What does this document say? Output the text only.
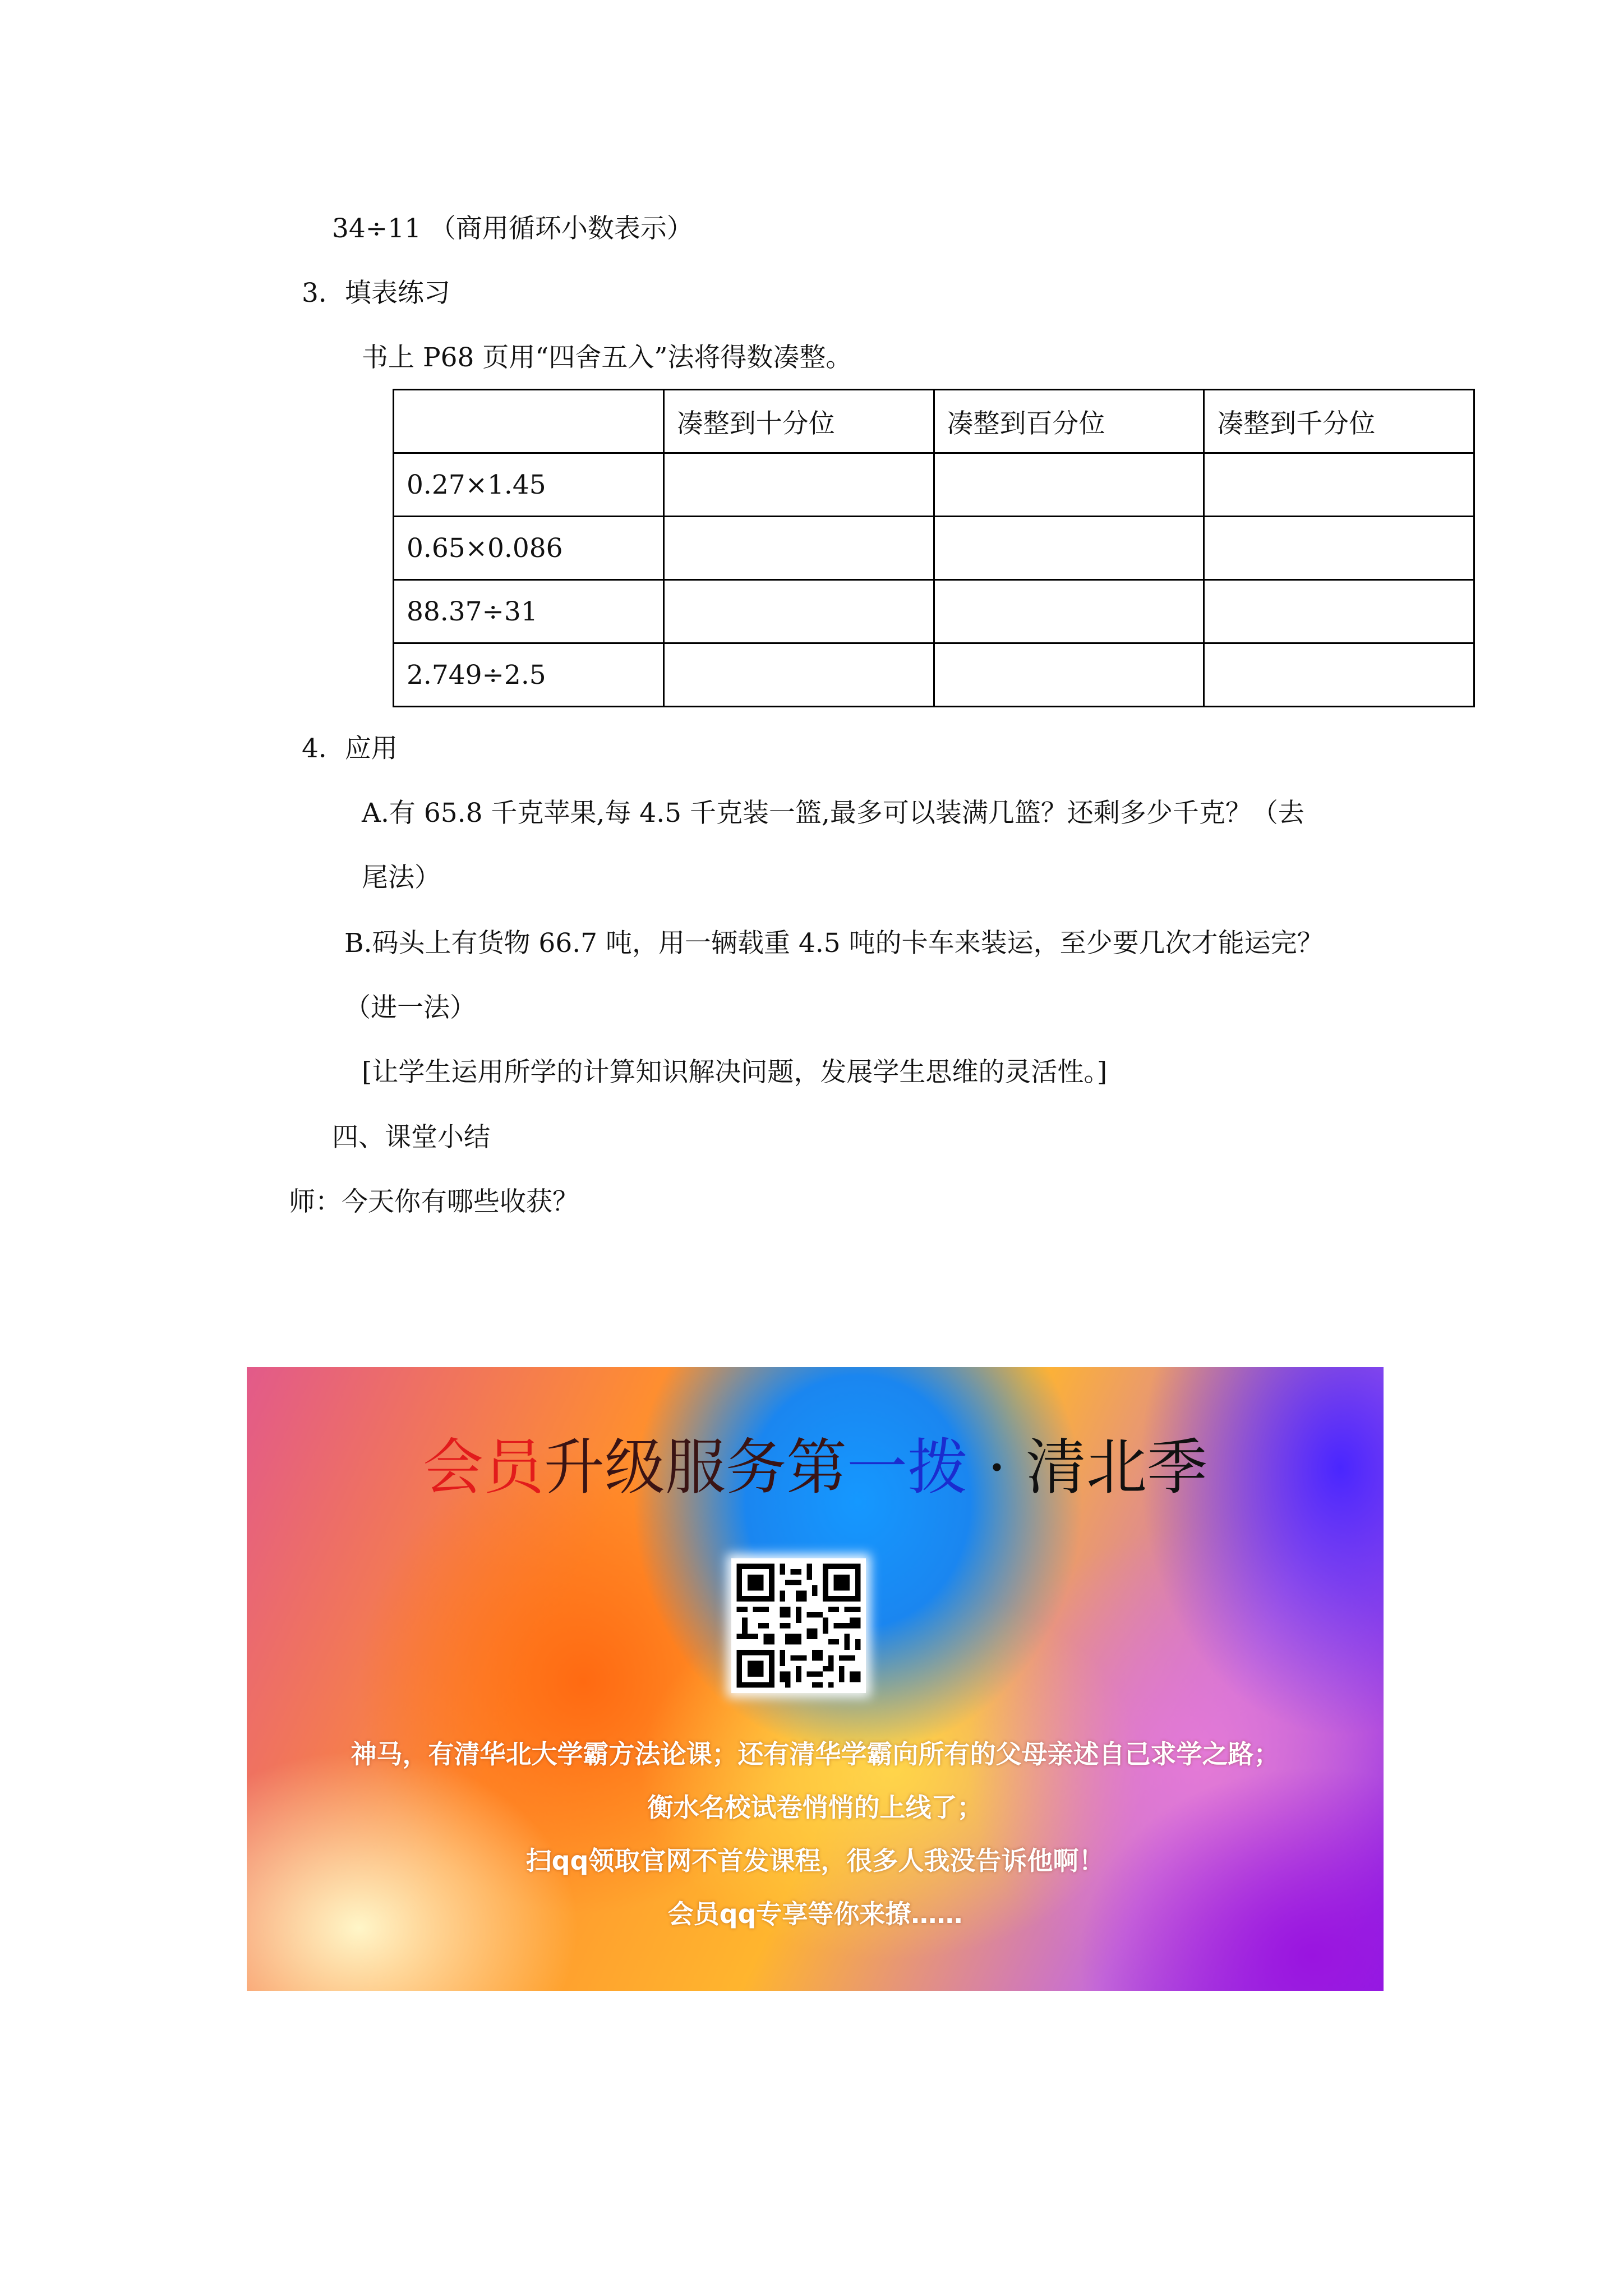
34÷11 （商用循环小数表示）
3．填表练习
书上 P68 页用“四舍五入”法将得数凑整。
	凑整到十分位	凑整到百分位	凑整到千分位
0.27×1.45			
0.65×0.086			
88.37÷31			
2.749÷2.5			
4．应用
A.有 65.8 千克苹果,每 4.5 千克装一篮,最多可以装满几篮？还剩多少千克？（去
尾法）
B.码头上有货物 66.7 吨，用一辆载重 4.5 吨的卡车来装运，至少要几次才能运完？
（进一法）
[让学生运用所学的计算知识解决问题，发展学生思维的灵活性。]
四、课堂小结
师：今天你有哪些收获？
会员升级服务第一拨 · 清北季
神马，有清华北大学霸方法论课；还有清华学霸向所有的父母亲述自己求学之路；
衡水名校试卷悄悄的上线了；
扫qq领取官网不首发课程，很多人我没告诉他啊！
会员qq专享等你来撩……
